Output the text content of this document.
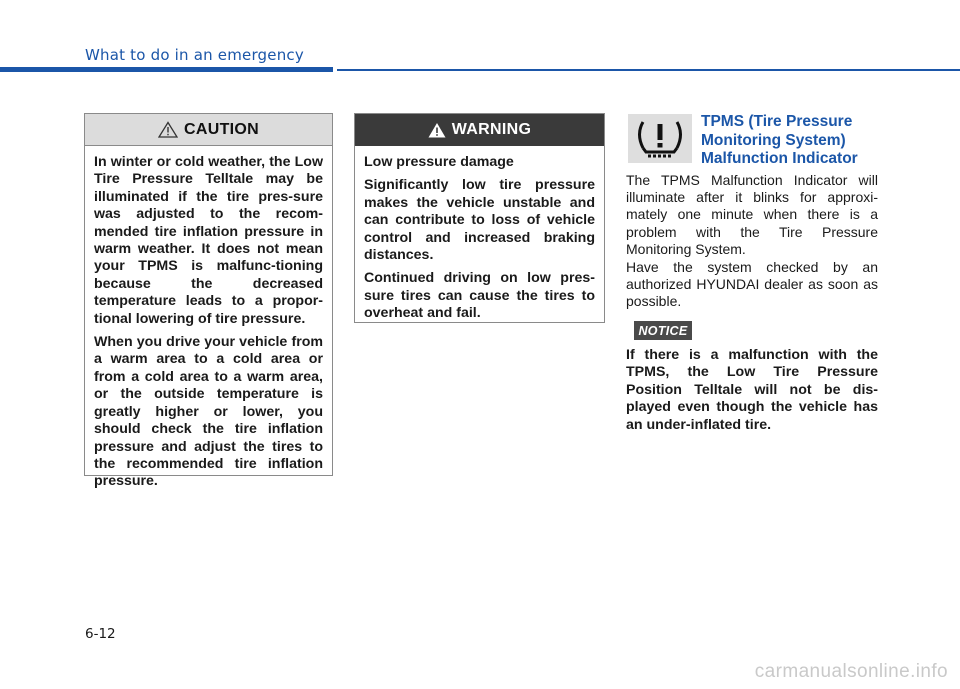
What to do in an emergency
CAUTION

In winter or cold weather, the Low Tire Pressure Telltale may be illuminated if the tire pres-sure was adjusted to the recom-mended tire inflation pressure in warm weather. It does not mean your TPMS is malfunc-tioning because the decreased temperature leads to a propor-tional lowering of tire pressure.

When you drive your vehicle from a warm area to a cold area or from a cold area to a warm area, or the outside temperature is greatly higher or lower, you should check the tire inflation pressure and adjust the tires to the recommended tire inflation pressure.

WARNING

Low pressure damage

Significantly low tire pressure makes the vehicle unstable and can contribute to loss of vehicle control and increased braking distances.

Continued driving on low pres-sure tires can cause the tires to overheat and fail.

TPMS (Tire Pressure Monitoring System) Malfunction Indicator

The TPMS Malfunction Indicator will illuminate after it blinks for approxi-mately one minute when there is a problem with the Tire Pressure Monitoring System.

Have the system checked by an authorized HYUNDAI dealer as soon as possible.

NOTICE

If there is a malfunction with the TPMS, the Low Tire Pressure Position Telltale will not be dis-played even though the vehicle has an under-inflated tire.

6-12
carmanualsonline.info
